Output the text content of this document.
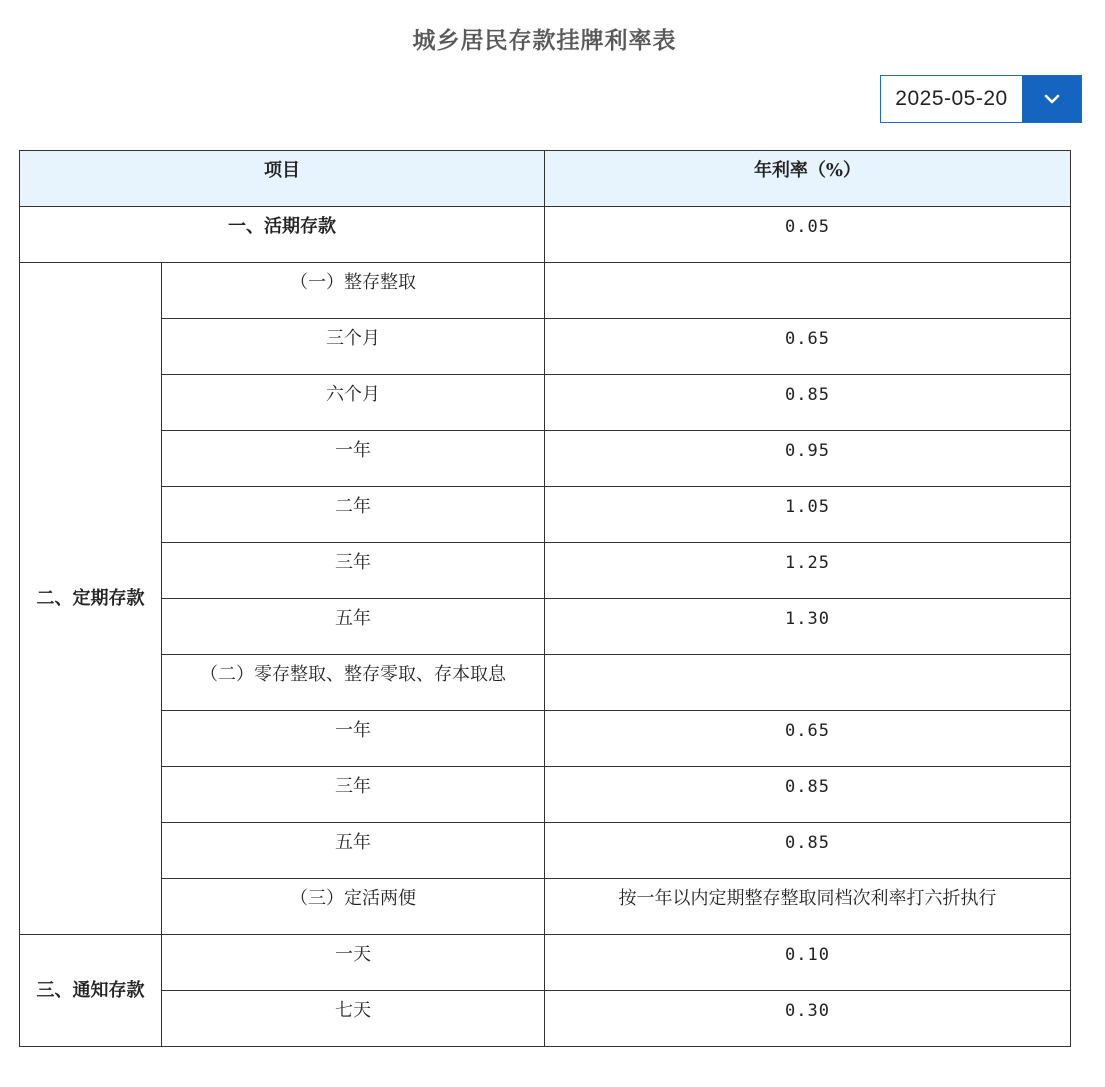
城乡居民存款挂牌利率表
2025-05-20
项目		年利率（%）
一、活期存款		0.05
二、定期存款	（一）整存整取	
	三个月	0.65
	六个月	0.85
	一年	0.95
	二年	1.05
	三年	1.25
	五年	1.30
	（二）零存整取、整存零取、存本取息	
	一年	0.65
	三年	0.85
	五年	0.85
	（三）定活两便	按一年以内定期整存整取同档次利率打六折执行
三、通知存款	一天	0.10
	七天	0.30
